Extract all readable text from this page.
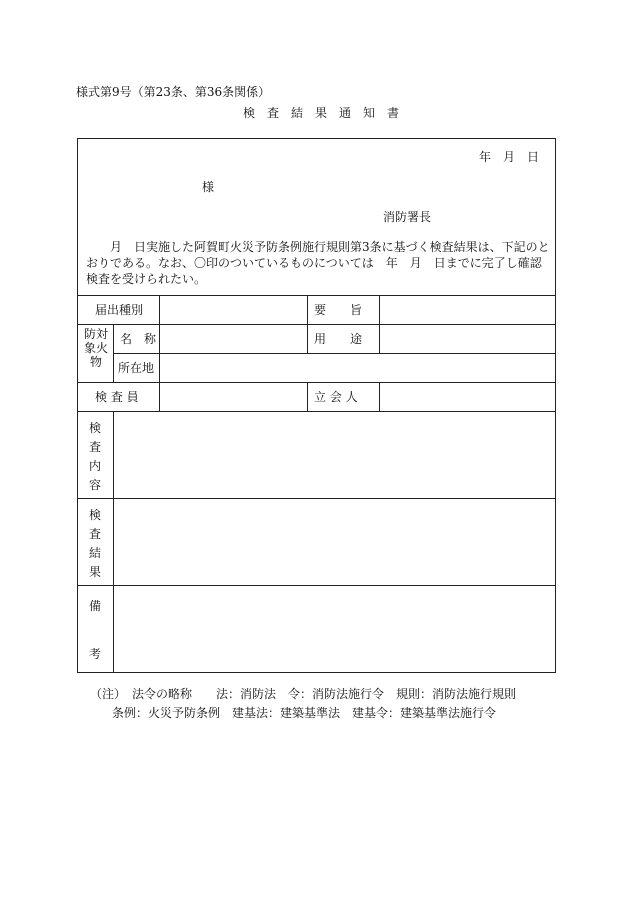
様式第9号（第23条、第36条関係）
検査結果通知書
年　月　日
様
消防署長
月　日実施した阿賀町火災予防条例施行規則第3条に基づく検査結果は、下記のとおりである。なお、〇印のついているものについては　年　月　日までに完了し確認検査を受けられたい。
届出種別	要　　旨
防対象火物
名　称	用　　途
所在地
検 査 員	立 会 人
検査内容
検査結果
備
考
（注）　法令の略称　　法：消防法　令：消防法施行令　規則：消防法施行規則
条例：火災予防条例　建基法：建築基準法　建基令：建築基準法施行令
